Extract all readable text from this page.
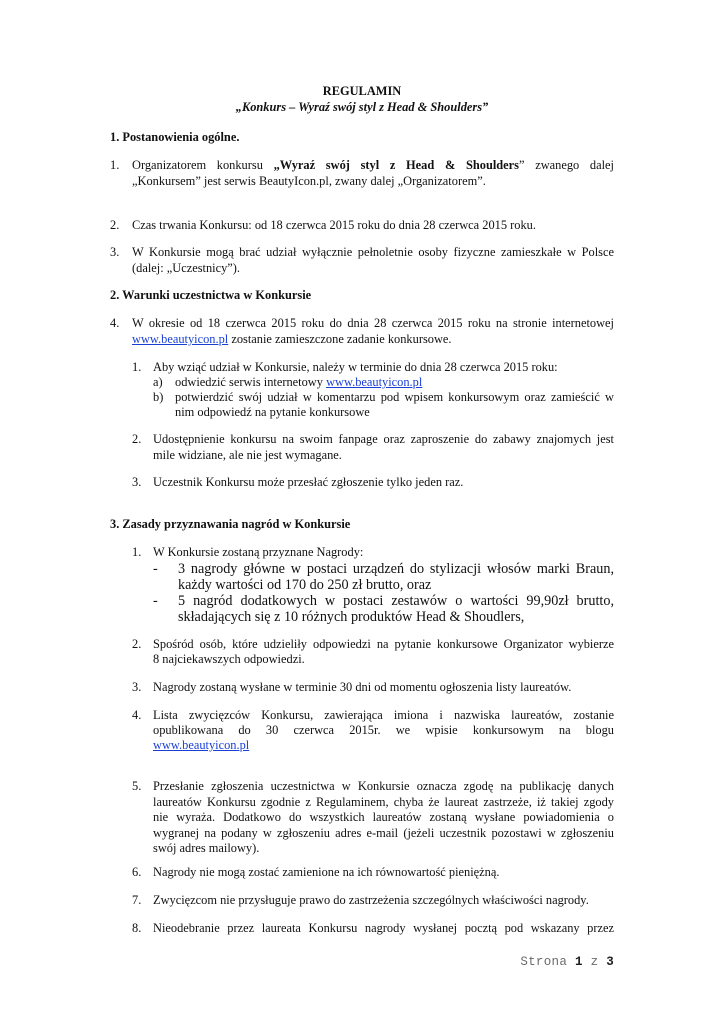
REGULAMIN
„Konkurs – Wyraź swój styl z Head & Shoulders”
1. Postanowienia ogólne.
1. Organizatorem konkursu „Wyraź swój styl z Head & Shoulders” zwanego dalej
„Konkursem” jest serwis BeautyIcon.pl, zwany dalej „Organizatorem”.
2. Czas trwania Konkursu: od 18 czerwca 2015 roku do dnia 28 czerwca 2015 roku.
3. W Konkursie mogą brać udział wyłącznie pełnoletnie osoby fizyczne zamieszkałe w Polsce
(dalej: „Uczestnicy”).
2. Warunki uczestnictwa w Konkursie
4. W okresie od 18 czerwca 2015 roku do dnia 28 czerwca 2015 roku na stronie internetowej
www.beautyicon.pl zostanie zamieszczone zadanie konkursowe.
1. Aby wziąć udział w Konkursie, należy w terminie do dnia 28 czerwca 2015 roku:
a) odwiedzić serwis internetowy www.beautyicon.pl
b) potwierdzić swój udział w komentarzu pod wpisem konkursowym oraz zamieścić w
nim odpowiedź na pytanie konkursowe
2. Udostępnienie konkursu na swoim fanpage oraz zaproszenie do zabawy znajomych jest
mile widziane, ale nie jest wymagane.
3. Uczestnik Konkursu może przesłać zgłoszenie tylko jeden raz.
3. Zasady przyznawania nagród w Konkursie
1. W Konkursie zostaną przyznane Nagrody:
- 3 nagrody główne w postaci urządzeń do stylizacji włosów marki Braun,
każdy wartości od 170 do 250 zł brutto, oraz
- 5 nagród dodatkowych w postaci zestawów o wartości 99,90zł brutto,
składających się z 10 różnych produktów Head & Shoudlers,
2. Spośród osób, które udzieliły odpowiedzi na pytanie konkursowe Organizator wybierze
8 najciekawszych odpowiedzi.
3. Nagrody zostaną wysłane w terminie 30 dni od momentu ogłoszenia listy laureatów.
4. Lista zwycięzców Konkursu, zawierająca imiona i nazwiska laureatów, zostanie
opublikowana do 30 czerwca 2015r. we wpisie konkursowym na blogu
www.beautyicon.pl
5. Przesłanie zgłoszenia uczestnictwa w Konkursie oznacza zgodę na publikację danych
laureatów Konkursu zgodnie z Regulaminem, chyba że laureat zastrzeże, iż takiej zgody
nie wyraża. Dodatkowo do wszystkich laureatów zostaną wysłane powiadomienia o
wygranej na podany w zgłoszeniu adres e-mail (jeżeli uczestnik pozostawi w zgłoszeniu
swój adres mailowy).
6. Nagrody nie mogą zostać zamienione na ich równowartość pieniężną.
7. Zwycięzcom nie przysługuje prawo do zastrzeżenia szczególnych właściwości nagrody.
8. Nieodebranie przez laureata Konkursu nagrody wysłanej pocztą pod wskazany przez
Strona 1 z 3
